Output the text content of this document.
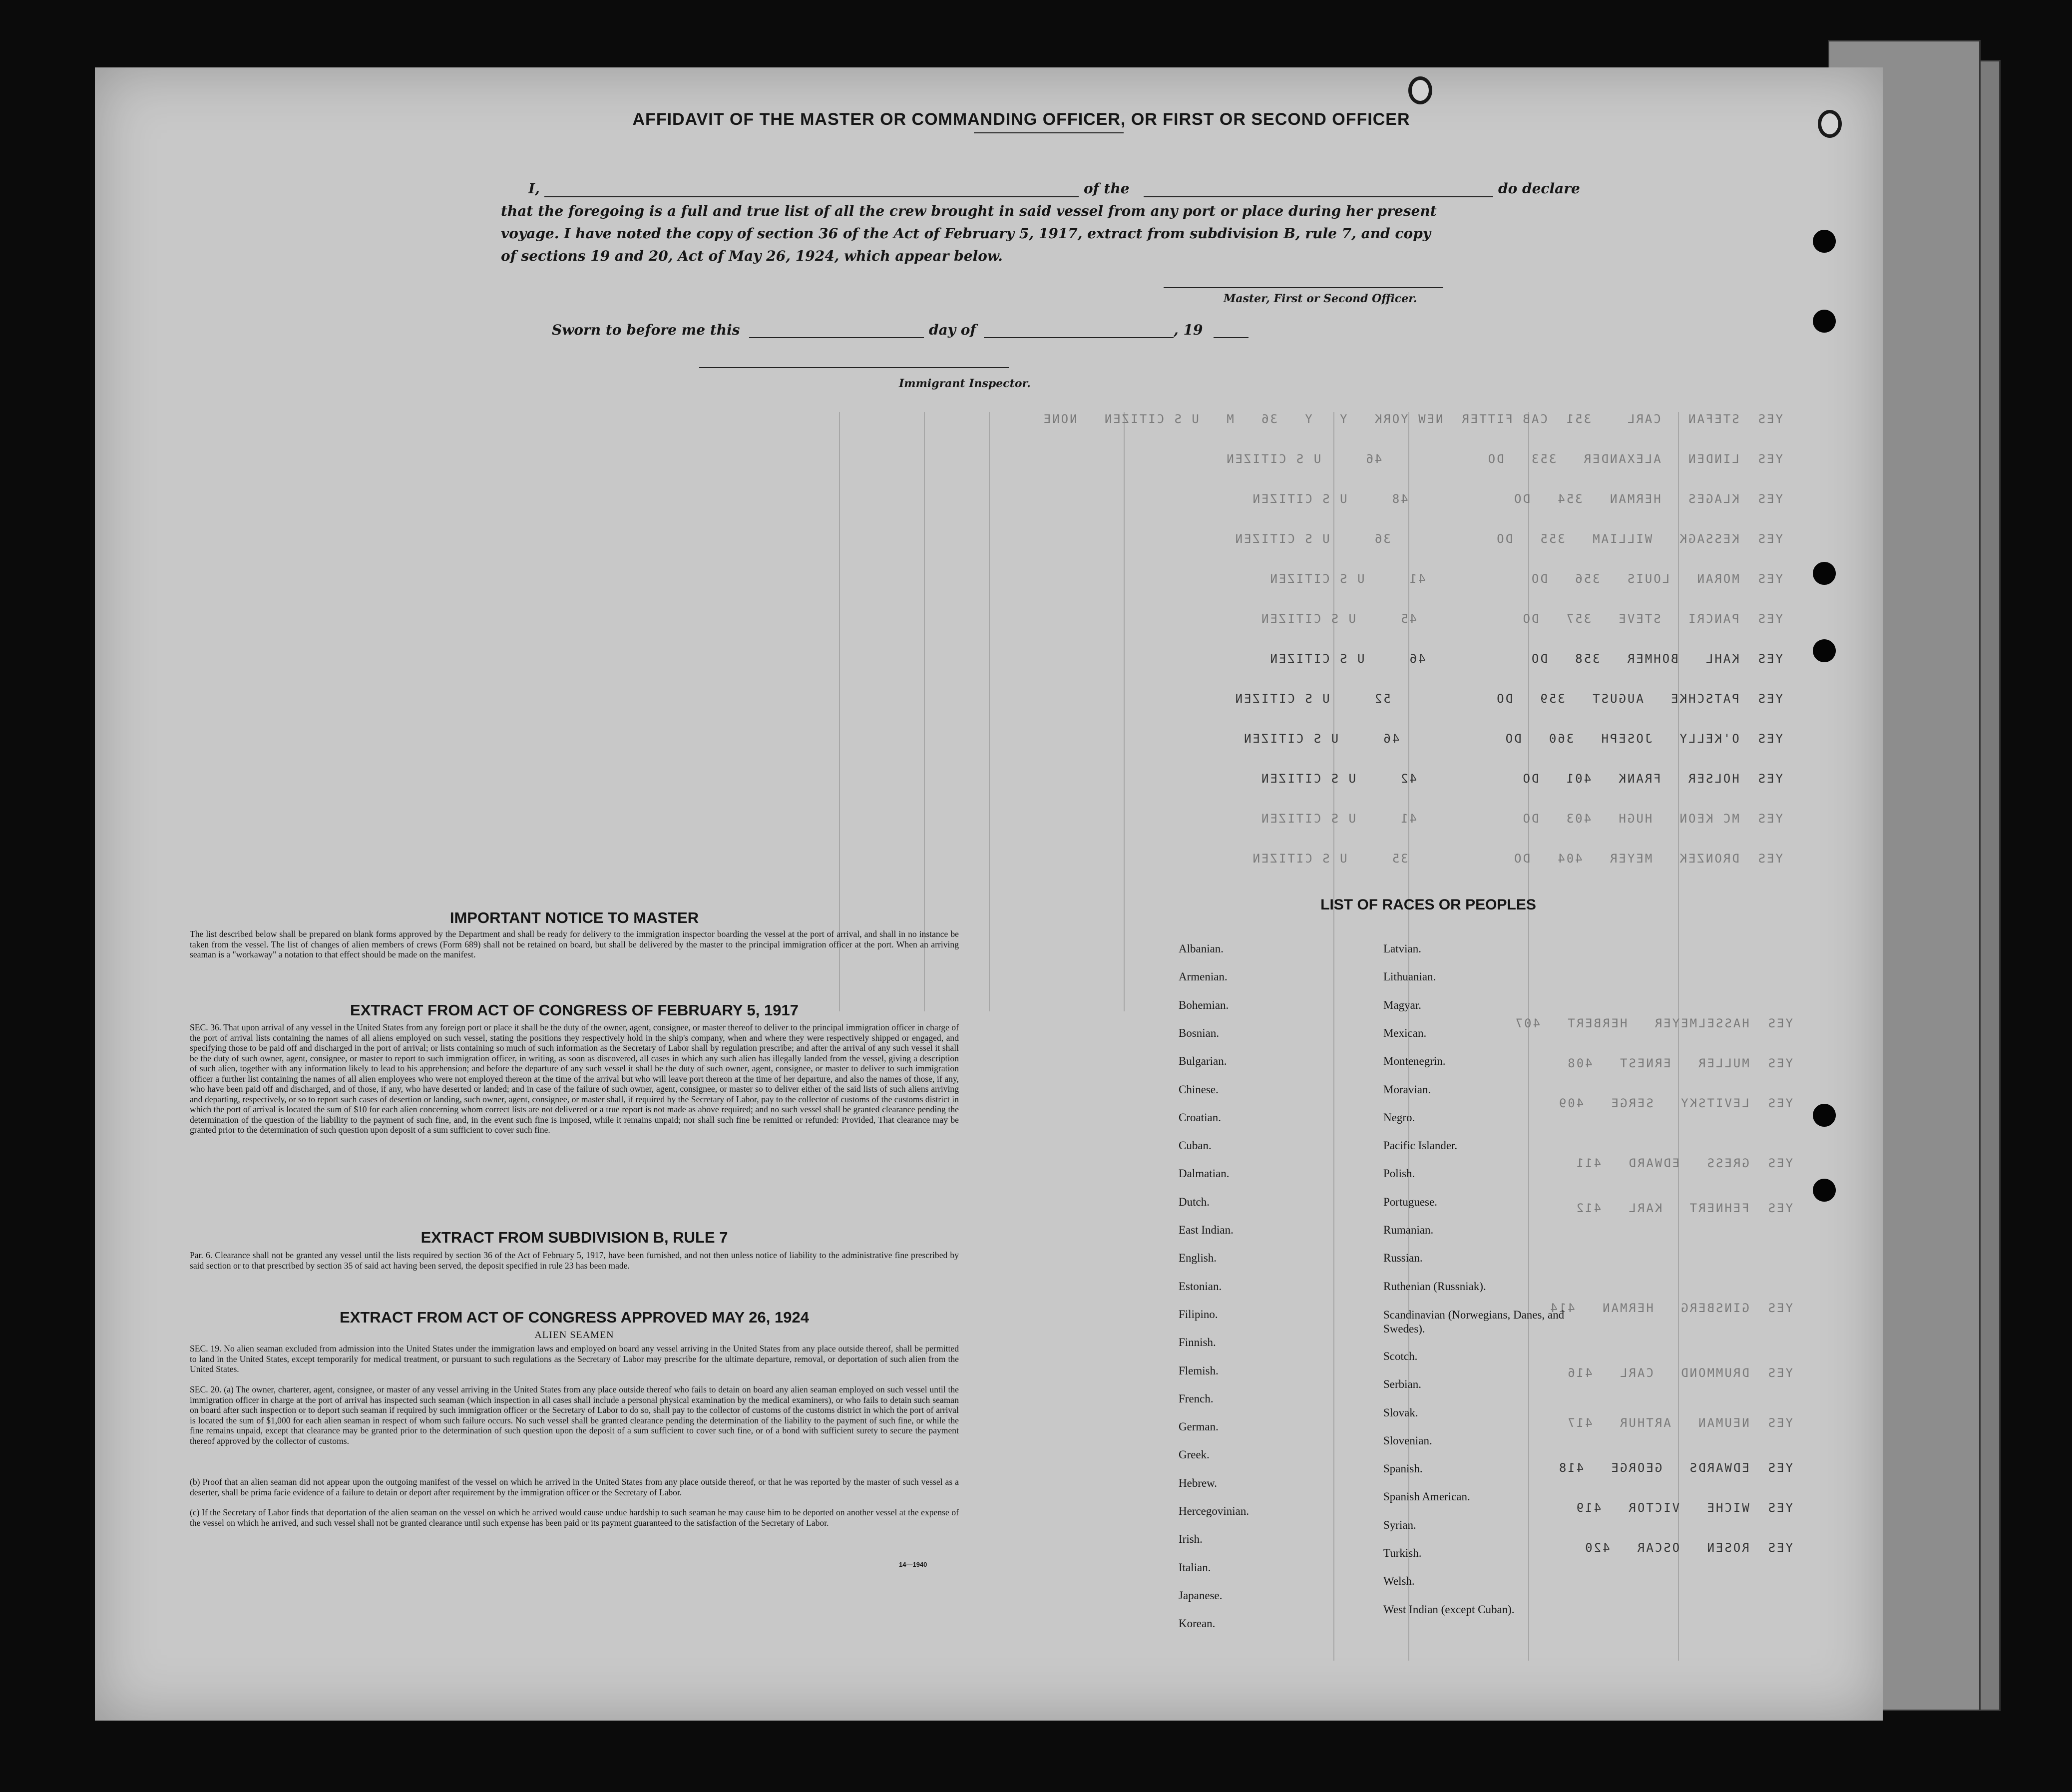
AFFIDAVIT OF THE MASTER OR COMMANDING OFFICER, OR FIRST OR SECOND OFFICER
I,	of the	do declare
that the foregoing is a full and true list of all the crew brought in said vessel from any port or place during her present
voyage. I have noted the copy of section 36 of the Act of February 5, 1917, extract from subdivision B, rule 7, and copy
of sections 19 and 20, Act of May 26, 1924, which appear below.
Master, First or Second Officer.
Sworn to before me this	day of	, 19
Immigrant Inspector.
YES  STEFAN   CARL    351  CAB FITTER  NEW YORK   Y   Y   36   M   U S CITIZEN   NONE
YES  LINDEN   ALEXANDER   353   DO            46     U S CITIZEN
YES  KLAGES   HERMAN   354   DO            48     U S CITIZEN
YES  KESSAGK   WILLIAM   355   DO            36     U S CITIZEN
YES  MORAN   LOUIS   356   DO            41     U S CITIZEN
YES  PANCRI   STEVE   357   DO            45     U S CITIZEN
YES  KAHL   BOHMER   358   DO            46     U S CITIZEN
YES  PATSCHKE   AUGUST   359   DO            52     U S CITIZEN
YES  O'KELLY   JOSEPH   360   DO            46     U S CITIZEN
YES  HOLSER   FRANK   401   DO            42     U S CITIZEN
YES  MC KEON   HUGH   403   DO            41     U S CITIZEN
YES  DRONZEK   MEYER   404   DO            35     U S CITIZEN
YES  HASSELMEYER   HERBERT   407
YES  MULLER   ERNEST   408
YES  LEVITSKY   SERGE   409
YES  GRESS   EDWARD   411
YES  FEHNERT   KARL   412
YES  GINSBERG   HERMAN   414
YES  DRUMMOND   CARL   416
YES  NEUMAN   ARTHUR   417
YES  EDWARDS   GEORGE   418
YES  WICHE   VICTOR   419
YES  ROSEN   OSCAR   420
IMPORTANT NOTICE TO MASTER
The list described below shall be prepared on blank forms approved by the Department and shall be ready for delivery to the immigration inspector boarding the vessel at the port of arrival, and shall in no instance be taken from the vessel. The list of changes of alien members of crews (Form 689) shall not be retained on board, but shall be delivered by the master to the principal immigration officer at the port. When an arriving seaman is a "workaway" a notation to that effect should be made on the manifest.
EXTRACT FROM ACT OF CONGRESS OF FEBRUARY 5, 1917
SEC. 36. That upon arrival of any vessel in the United States from any foreign port or place it shall be the duty of the owner, agent, consignee, or master thereof to deliver to the principal immigration officer in charge of the port of arrival lists containing the names of all aliens employed on such vessel, stating the positions they respectively hold in the ship's company, when and where they were respectively shipped or engaged, and specifying those to be paid off and discharged in the port of arrival; or lists containing so much of such information as the Secretary of Labor shall by regulation prescribe; and after the arrival of any such vessel it shall be the duty of such owner, agent, consignee, or master to report to such immigration officer, in writing, as soon as discovered, all cases in which any such alien has illegally landed from the vessel, giving a description of such alien, together with any information likely to lead to his apprehension; and before the departure of any such vessel it shall be the duty of such owner, agent, consignee, or master to deliver to such immigration officer a further list containing the names of all alien employees who were not employed thereon at the time of the arrival but who will leave port thereon at the time of her departure, and also the names of those, if any, who have been paid off and discharged, and of those, if any, who have deserted or landed; and in case of the failure of such owner, agent, consignee, or master so to deliver either of the said lists of such aliens arriving and departing, respectively, or so to report such cases of desertion or landing, such owner, agent, consignee, or master shall, if required by the Secretary of Labor, pay to the collector of customs of the customs district in which the port of arrival is located the sum of $10 for each alien concerning whom correct lists are not delivered or a true report is not made as above required; and no such vessel shall be granted clearance pending the determination of the question of the liability to the payment of such fine, and, in the event such fine is imposed, while it remains unpaid; nor shall such fine be remitted or refunded: Provided, That clearance may be granted prior to the determination of such question upon deposit of a sum sufficient to cover such fine.
EXTRACT FROM SUBDIVISION B, RULE 7
Par. 6. Clearance shall not be granted any vessel until the lists required by section 36 of the Act of February 5, 1917, have been furnished, and not then unless notice of liability to the administrative fine prescribed by said section or to that prescribed by section 35 of said act having been served, the deposit specified in rule 23 has been made.
EXTRACT FROM ACT OF CONGRESS APPROVED MAY 26, 1924
ALIEN SEAMEN
SEC. 19. No alien seaman excluded from admission into the United States under the immigration laws and employed on board any vessel arriving in the United States from any place outside thereof, shall be permitted to land in the United States, except temporarily for medical treatment, or pursuant to such regulations as the Secretary of Labor may prescribe for the ultimate departure, removal, or deportation of such alien from the United States.
SEC. 20. (a) The owner, charterer, agent, consignee, or master of any vessel arriving in the United States from any place outside thereof who fails to detain on board any alien seaman employed on such vessel until the immigration officer in charge at the port of arrival has inspected such seaman (which inspection in all cases shall include a personal physical examination by the medical examiners), or who fails to detain such seaman on board after such inspection or to deport such seaman if required by such immigration officer or the Secretary of Labor to do so, shall pay to the collector of customs of the customs district in which the port of arrival is located the sum of $1,000 for each alien seaman in respect of whom such failure occurs. No such vessel shall be granted clearance pending the determination of the liability to the payment of such fine, or while the fine remains unpaid, except that clearance may be granted prior to the determination of such question upon the deposit of a sum sufficient to cover such fine, or of a bond with sufficient surety to secure the payment thereof approved by the collector of customs.
(b) Proof that an alien seaman did not appear upon the outgoing manifest of the vessel on which he arrived in the United States from any place outside thereof, or that he was reported by the master of such vessel as a deserter, shall be prima facie evidence of a failure to detain or deport after requirement by the immigration officer or the Secretary of Labor.
(c) If the Secretary of Labor finds that deportation of the alien seaman on the vessel on which he arrived would cause undue hardship to such seaman he may cause him to be deported on another vessel at the expense of the vessel on which he arrived, and such vessel shall not be granted clearance until such expense has been paid or its payment guaranteed to the satisfaction of the Secretary of Labor.
14—1940
LIST OF RACES OR PEOPLES
Albanian.
Armenian.
Bohemian.
Bosnian.
Bulgarian.
Chinese.
Croatian.
Cuban.
Dalmatian.
Dutch.
East Indian.
English.
Estonian.
Filipino.
Finnish.
Flemish.
French.
German.
Greek.
Hebrew.
Hercegovinian.
Irish.
Italian.
Japanese.
Korean.
Latvian.
Lithuanian.
Magyar.
Mexican.
Montenegrin.
Moravian.
Negro.
Pacific Islander.
Polish.
Portuguese.
Rumanian.
Russian.
Ruthenian (Russniak).
Scandinavian (Norwegians, Danes, and Swedes).
Scotch.
Serbian.
Slovak.
Slovenian.
Spanish.
Spanish American.
Syrian.
Turkish.
Welsh.
West Indian (except Cuban).
